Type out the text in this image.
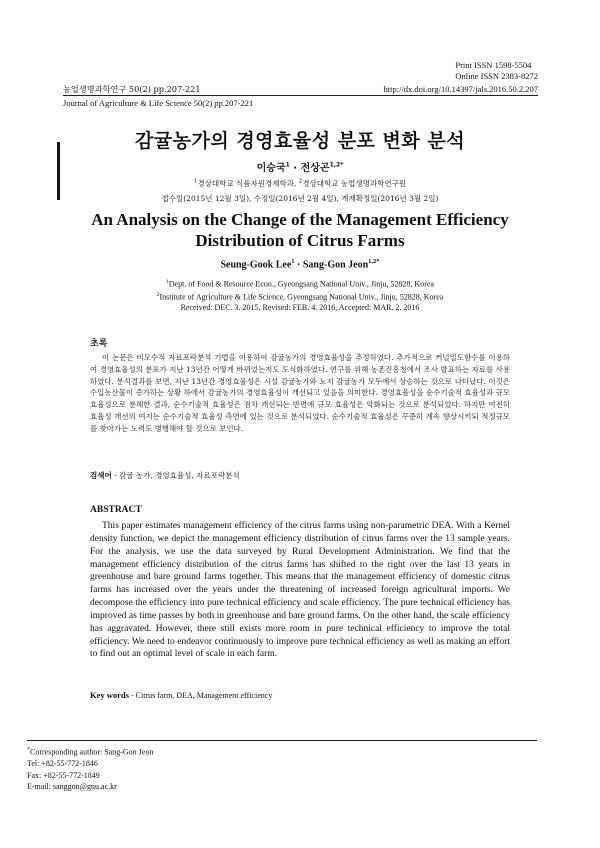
Print ISSN 1598-5504
Online ISSN 2383-8272
농업생명과학연구 50(2) pp.207-221	http://dx.doi.org/10.14397/jals.2016.50.2.207
Journal of Agriculture & Life Science 50(2) pp.207-221
감귤농가의 경영효율성 분포 변화 분석
이승국$^1$ · 전상곤$^{1,2*}$
$^1$경상대학교 식품자원경제학과, $^2$경상대학교 농업생명과학연구원
접수일(2015년 12월 3일), 수정일(2016년 2월 4일), 게재확정일(2016년 3월 2일)
An Analysis on the Change of the Management Efficiency
Distribution of Citrus Farms
Seung-Gook Lee$^1$ · Sang-Gon Jeon$^{1,2*}$
$^1$Dept. of Food & Resource Econ., Gyeongsang National Univ., Jinju, 52828, Korea
$^2$Institute of Agriculture & Life Science, Gyeongsang National Univ., Jinju, 52828, Korea
Received: DEC. 3. 2015, Revised: FEB. 4. 2016, Accepted: MAR. 2. 2016
초록
이 논문은 비모수적 자료포락분석 기법을 이용하여 감귤농가의 경영효율성을 추정하였다. 추가적으로 커널밀도함수를 이용하여 경영효율성의 분포가 지난 13년간 어떻게 바뀌었는지도 도식화하였다. 연구를 위해 농촌진흥청에서 조사 발표하는 자료를 사용하였다. 분석결과를 보면, 지난 13년간 경영효율성은 시설 감귤농가와 노지 감귤농가 모두에서 상승하는 것으로 나타났다. 이것은 수입농산물이 증가하는 상황 하에서 감귤농가의 경영효율성이 개선되고 있음을 의미한다. 경영효율성을 순수기술적 효율성과 규모 효율성으로 분해한 결과, 순수기술적 효율성은 점차 개선되는 반면에 규모 효율성은 악화되는 것으로 분석되었다. 하지만 여전히 효율성 개선의 여지는 순수기술적 효율성 측면에 있는 것으로 분석되었다. 순수기술적 효율성은 꾸준히 계속 향상시키되 적정규모를 찾아가는 노력도 병행해야 할 것으로 보인다.
검색어 - 감귤 농가, 경영효율성, 자료포락분석
ABSTRACT
This paper estimates management efficiency of the citrus farms using non-parametric DEA. With a Kernel density function, we depict the management efficiency distribution of citrus farms over the 13 sample years. For the analysis, we use the data surveyed by Rural Development Administration. We find that the management efficiency distribution of the citrus farms has shifted to the right over the last 13 years in greenhouse and bare ground farms together. This means that the management efficiency of domestic citrus farms has increased over the years under the threatening of increased foreign agricultural imports. We decompose the efficiency into pure technical efficiency and scale efficiency. The pure technical efficiency has improved as time passes by both in greenhouse and bare ground farms. On the other hand, the scale efficiency has aggravated. However, there still exists more room in pure technical efficiency to improve the total efficiency. We need to endeavor continuously to improve pure technical efficiency as well as making an effort to find out an optimal level of scale in each farm.
Key words - Citrus farm, DEA, Management efficiency
*Corresponding author: Sang-Gon Jeon
Tel: +82-55-772-1846
Fax: +82-55-772-1849
E-mail: sanggon@gnu.ac.kr
